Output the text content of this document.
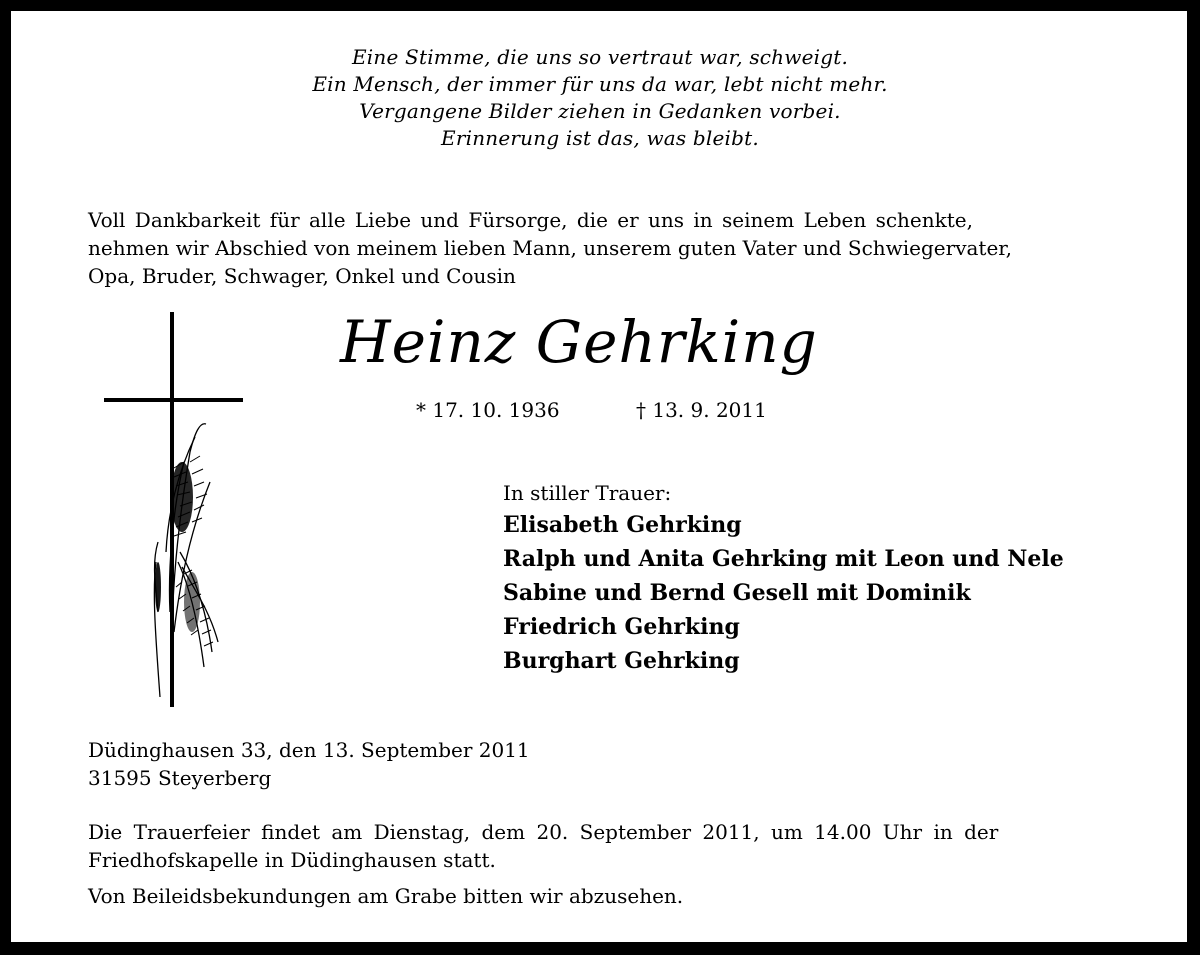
Eine Stimme, die uns so vertraut war, schweigt.
Ein Mensch, der immer für uns da war, lebt nicht mehr.
Vergangene Bilder ziehen in Gedanken vorbei.
Erinnerung ist das, was bleibt.
Voll Dankbarkeit für alle Liebe und Fürsorge, die er uns in seinem Leben schenkte,
nehmen wir Abschied von meinem lieben Mann, unserem guten Vater und Schwiegervater,
Opa, Bruder, Schwager, Onkel und Cousin
Heinz Gehrking
* 17. 10. 1936	† 13. 9. 2011
In stiller Trauer:
Elisabeth Gehrking
Ralph und Anita Gehrking mit Leon und Nele
Sabine und Bernd Gesell mit Dominik
Friedrich Gehrking
Burghart Gehrking
Düdinghausen 33, den 13. September 2011
31595 Steyerberg
Die Trauerfeier findet am Dienstag, dem 20. September 2011, um 14.00 Uhr in der
Friedhofskapelle in Düdinghausen statt.
Von Beileidsbekundungen am Grabe bitten wir abzusehen.
